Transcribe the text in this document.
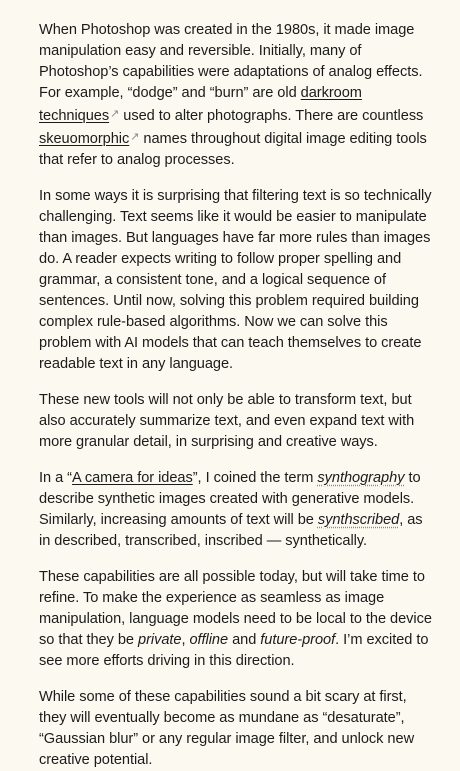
When Photoshop was created in the 1980s, it made image manipulation easy and reversible. Initially, many of Photoshop’s capabilities were adaptations of analog effects. For example, “dodge” and “burn” are old darkroom techniques↗ used to alter photographs. There are countless skeuomorphic↗ names throughout digital image editing tools that refer to analog processes.

In some ways it is surprising that filtering text is so technically challenging. Text seems like it would be easier to manipulate than images. But languages have far more rules than images do. A reader expects writing to follow proper spelling and grammar, a consistent tone, and a logical sequence of sentences. Until now, solving this problem required building complex rule-based algorithms. Now we can solve this problem with AI models that can teach themselves to create readable text in any language.

These new tools will not only be able to transform text, but also accurately summarize text, and even expand text with more granular detail, in surprising and creative ways.

In a “A camera for ideas”, I coined the term synthography to describe synthetic images created with generative models. Similarly, increasing amounts of text will be synthscribed, as in described, transcribed, inscribed — synthetically.

These capabilities are all possible today, but will take time to refine. To make the experience as seamless as image manipulation, language models need to be local to the device so that they be private, offline and future-proof. I’m excited to see more efforts driving in this direction.

While some of these capabilities sound a bit scary at first, they will eventually become as mundane as “desaturate”, “Gaussian blur” or any regular image filter, and unlock new creative potential.
